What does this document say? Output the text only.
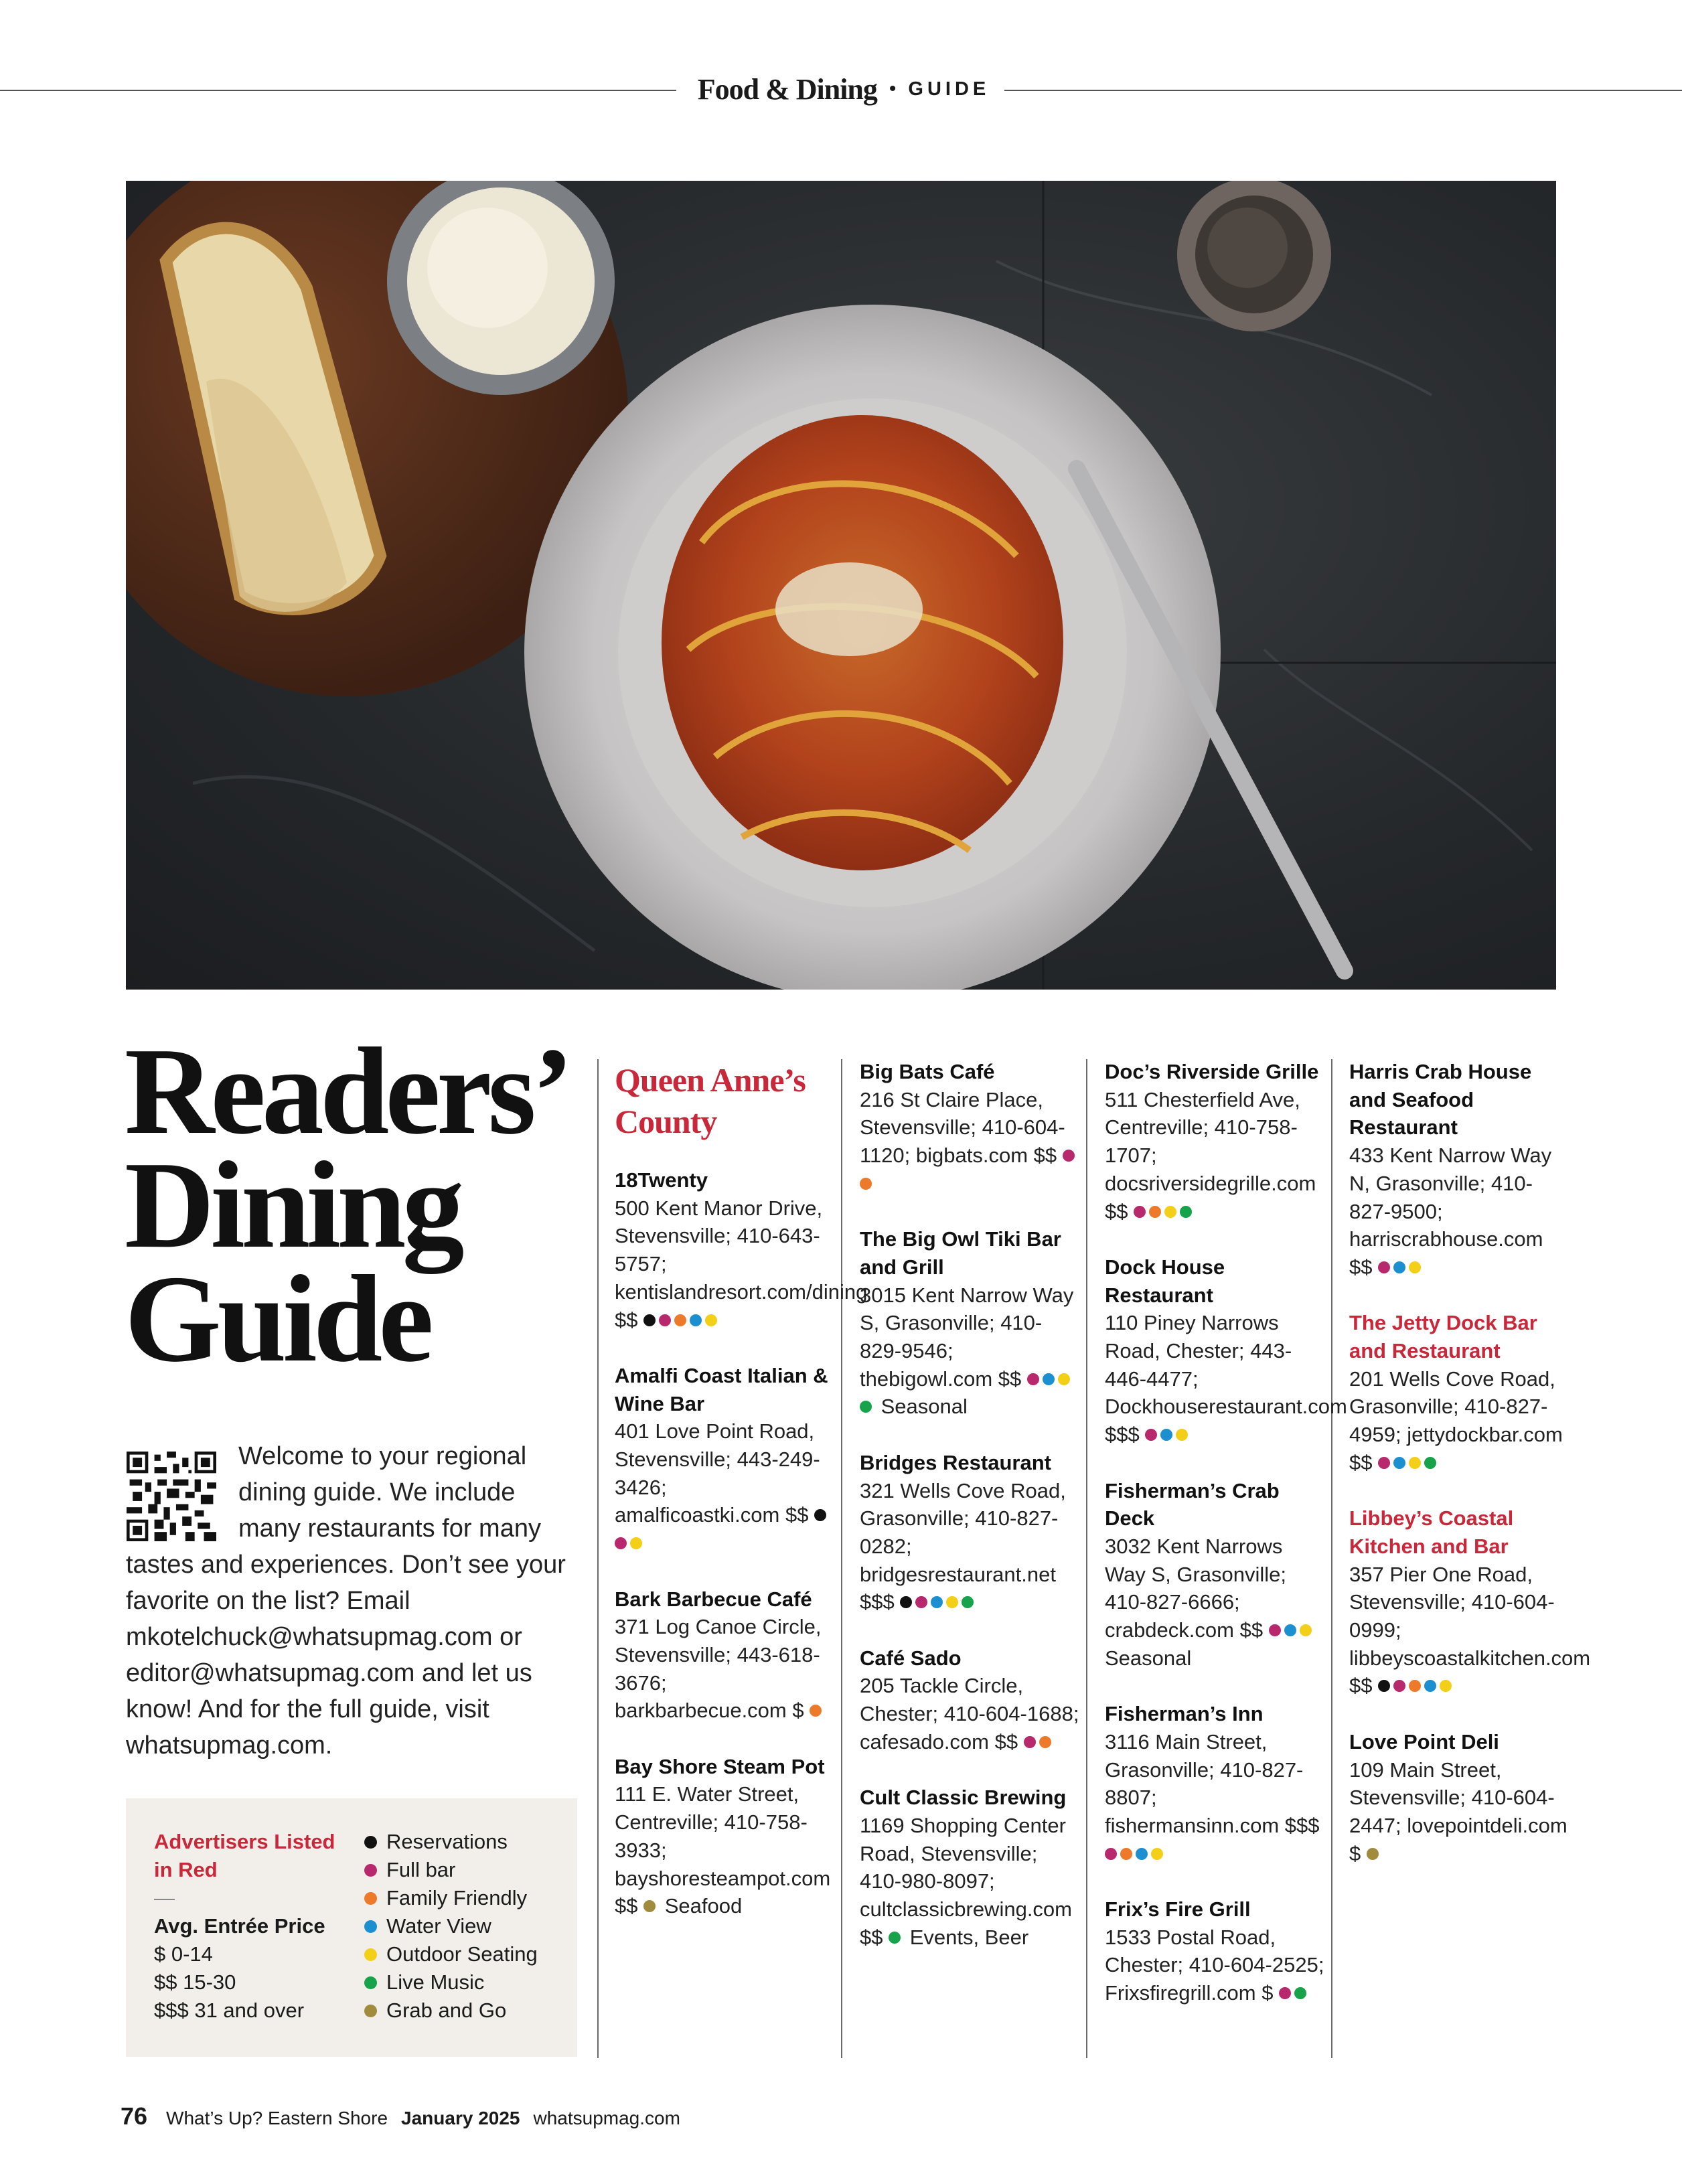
Food & Dining • GUIDE
Readers’
Dining
Guide
Welcome to your regional dining guide. We include many restaurants for many tastes and experiences. Don’t see your favorite on the list? Email mkotelchuck@whatsupmag.com or editor@whatsupmag.com and let us know! And for the full guide, visit whatsupmag.com.
Advertisers Listed in Red
—
Avg. Entrée Price
$ 0-14
$$ 15-30
$$$ 31 and over
Reservations
Full bar
Family Friendly
Water View
Outdoor Seating
Live Music
Grab and Go
Queen Anne’s County
18Twenty
500 Kent Manor Drive, Stevensville; 410-643-5757; kentislandresort.com/dining $$
Amalfi Coast Italian & Wine Bar
401 Love Point Road, Stevensville; 443-249-3426; amalficoastki.com $$
Bark Barbecue Café
371 Log Canoe Circle, Stevensville; 443-618-3676; barkbarbecue.com $
Bay Shore Steam Pot
111 E. Water Street, Centreville; 410-758-3933; bayshoresteampot.com $$ Seafood
Big Bats Café
216 St Claire Place, Stevensville; 410-604-1120; bigbats.com $$
The Big Owl Tiki Bar and Grill
3015 Kent Narrow Way S, Grasonville; 410-829-9546; thebigowl.com $$  Seasonal
Bridges Restaurant
321 Wells Cove Road, Grasonville; 410-827-0282; bridgesrestaurant.net $$$
Café Sado
205 Tackle Circle, Chester; 410-604-1688; cafesado.com $$
Cult Classic Brewing
1169 Shopping Center Road, Stevensville; 410-980-8097; cultclassicbrewing.com $$ Events, Beer
Doc’s Riverside Grille
511 Chesterfield Ave, Centreville; 410-758-1707; docsriversidegrille.com $$
Dock House Restaurant
110 Piney Narrows Road, Chester; 443-446-4477; Dockhouserestaurant.com $$$
Fisherman’s Crab Deck
3032 Kent Narrows Way S, Grasonville; 410-827-6666; crabdeck.com $$  Seasonal
Fisherman’s Inn
3116 Main Street, Grasonville; 410-827-8807; fishermansinn.com $$$
Frix’s Fire Grill
1533 Postal Road, Chester; 410-604-2525; Frixsfiregrill.com $
Harris Crab House and Seafood Restaurant
433 Kent Narrow Way N, Grasonville; 410-827-9500; harriscrabhouse.com $$
The Jetty Dock Bar and Restaurant
201 Wells Cove Road, Grasonville; 410-827-4959; jettydockbar.com $$
Libbey’s Coastal Kitchen and Bar
357 Pier One Road, Stevensville; 410-604-0999; libbeyscoastalkitchen.com $$
Love Point Deli
109 Main Street, Stevensville; 410-604-2447; lovepointdeli.com $
76 What’s Up? Eastern Shore January 2025 whatsupmag.com
